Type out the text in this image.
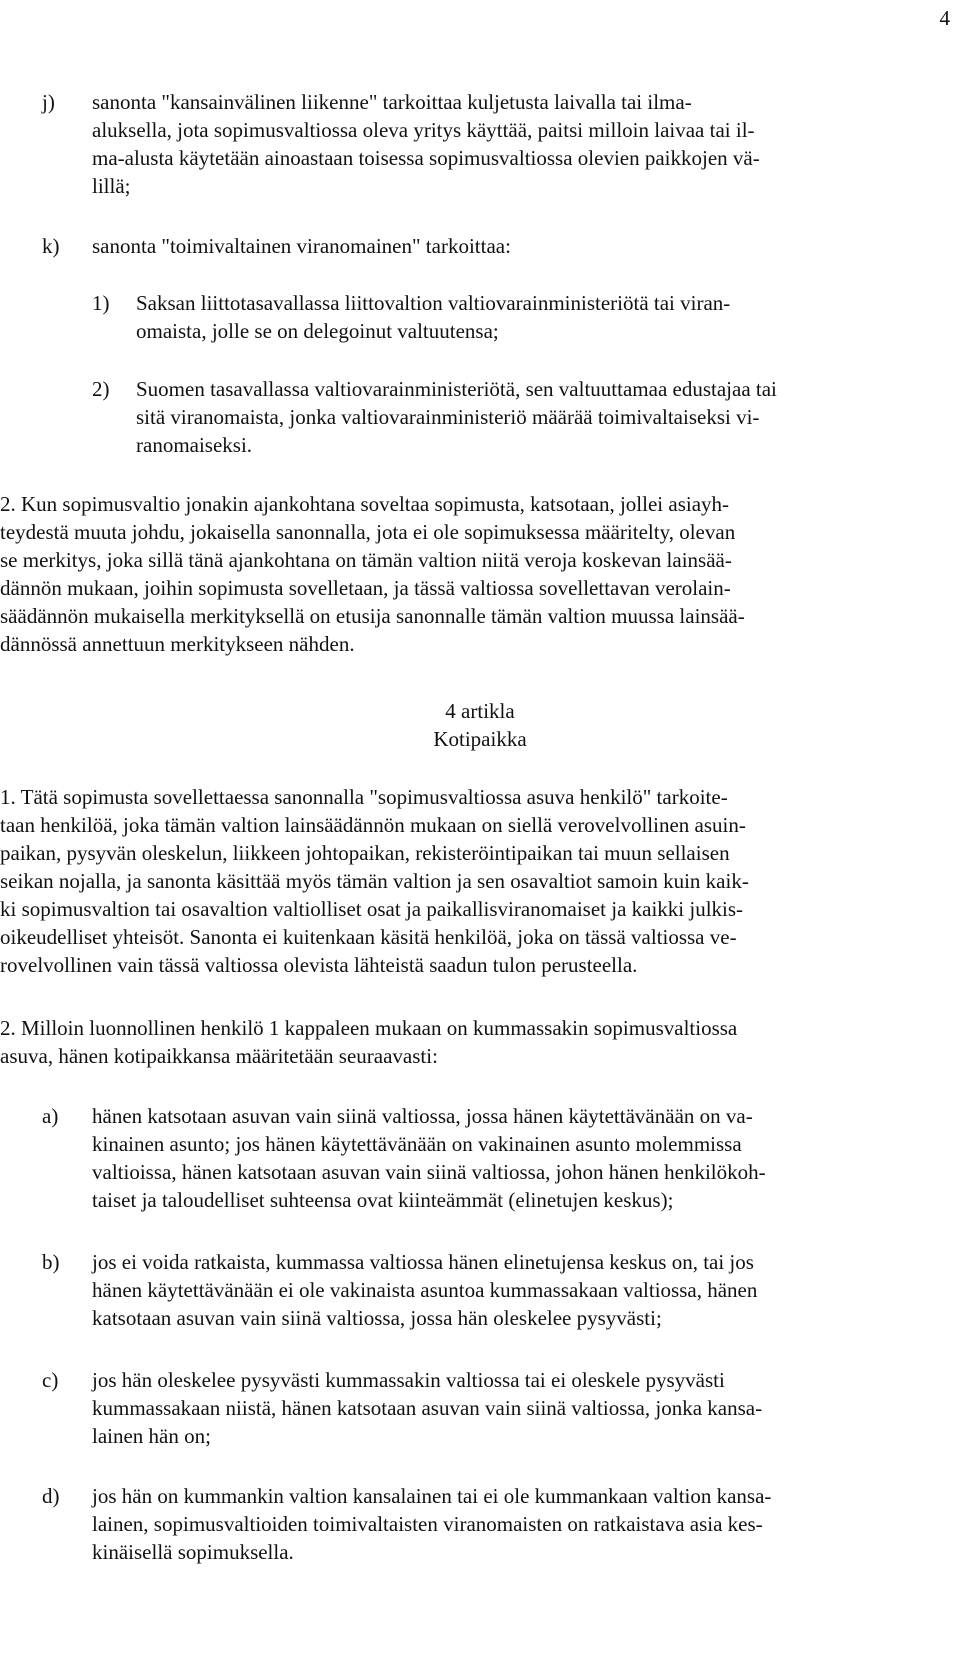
4
j) sanonta "kansainvälinen liikenne" tarkoittaa kuljetusta laivalla tai ilma-
aluksella, jota sopimusvaltiossa oleva yritys käyttää, paitsi milloin laivaa tai il-
ma-alusta käytetään ainoastaan toisessa sopimusvaltiossa olevien paikkojen vä-
lillä;
k) sanonta "toimivaltainen viranomainen" tarkoittaa:
1) Saksan liittotasavallassa liittovaltion valtiovarainministeriötä tai viran-
omaista, jolle se on delegoinut valtuutensa;
2) Suomen tasavallassa valtiovarainministeriötä, sen valtuuttamaa edustajaa tai
sitä viranomaista, jonka valtiovarainministeriö määrää toimivaltaiseksi vi-
ranomaiseksi.
2. Kun sopimusvaltio jonakin ajankohtana soveltaa sopimusta, katsotaan, jollei asiayh-
teydestä muuta johdu, jokaisella sanonnalla, jota ei ole sopimuksessa määritelty, olevan
se merkitys, joka sillä tänä ajankohtana on tämän valtion niitä veroja koskevan lainsää-
dännön mukaan, joihin sopimusta sovelletaan, ja tässä valtiossa sovellettavan verolain-
säädännön mukaisella merkityksellä on etusija sanonnalle tämän valtion muussa lainsää-
dännössä annettuun merkitykseen nähden.
4 artikla
Kotipaikka
1. Tätä sopimusta sovellettaessa sanonnalla "sopimusvaltiossa asuva henkilö" tarkoite-
taan henkilöä, joka tämän valtion lainsäädännön mukaan on siellä verovelvollinen asuin-
paikan, pysyvän oleskelun, liikkeen johtopaikan, rekisteröintipaikan tai muun sellaisen
seikan nojalla, ja sanonta käsittää myös tämän valtion ja sen osavaltiot samoin kuin kaik-
ki sopimusvaltion tai osavaltion valtiolliset osat ja paikallisviranomaiset ja kaikki julkis-
oikeudelliset yhteisöt. Sanonta ei kuitenkaan käsitä henkilöä, joka on tässä valtiossa ve-
rovelvollinen vain tässä valtiossa olevista lähteistä saadun tulon perusteella.
2. Milloin luonnollinen henkilö 1 kappaleen mukaan on kummassakin sopimusvaltiossa
asuva, hänen kotipaikkansa määritetään seuraavasti:
a) hänen katsotaan asuvan vain siinä valtiossa, jossa hänen käytettävänään on va-
kinainen asunto; jos hänen käytettävänään on vakinainen asunto molemmissa
valtioissa, hänen katsotaan asuvan vain siinä valtiossa, johon hänen henkilökoh-
taiset ja taloudelliset suhteensa ovat kiinteämmät (elinetujen keskus);
b) jos ei voida ratkaista, kummassa valtiossa hänen elinetujensa keskus on, tai jos
hänen käytettävänään ei ole vakinaista asuntoa kummassakaan valtiossa, hänen
katsotaan asuvan vain siinä valtiossa, jossa hän oleskelee pysyvästi;
c) jos hän oleskelee pysyvästi kummassakin valtiossa tai ei oleskele pysyvästi
kummassakaan niistä, hänen katsotaan asuvan vain siinä valtiossa, jonka kansa-
lainen hän on;
d) jos hän on kummankin valtion kansalainen tai ei ole kummankaan valtion kansa-
lainen, sopimusvaltioiden toimivaltaisten viranomaisten on ratkaistava asia kes-
kinäisellä sopimuksella.
